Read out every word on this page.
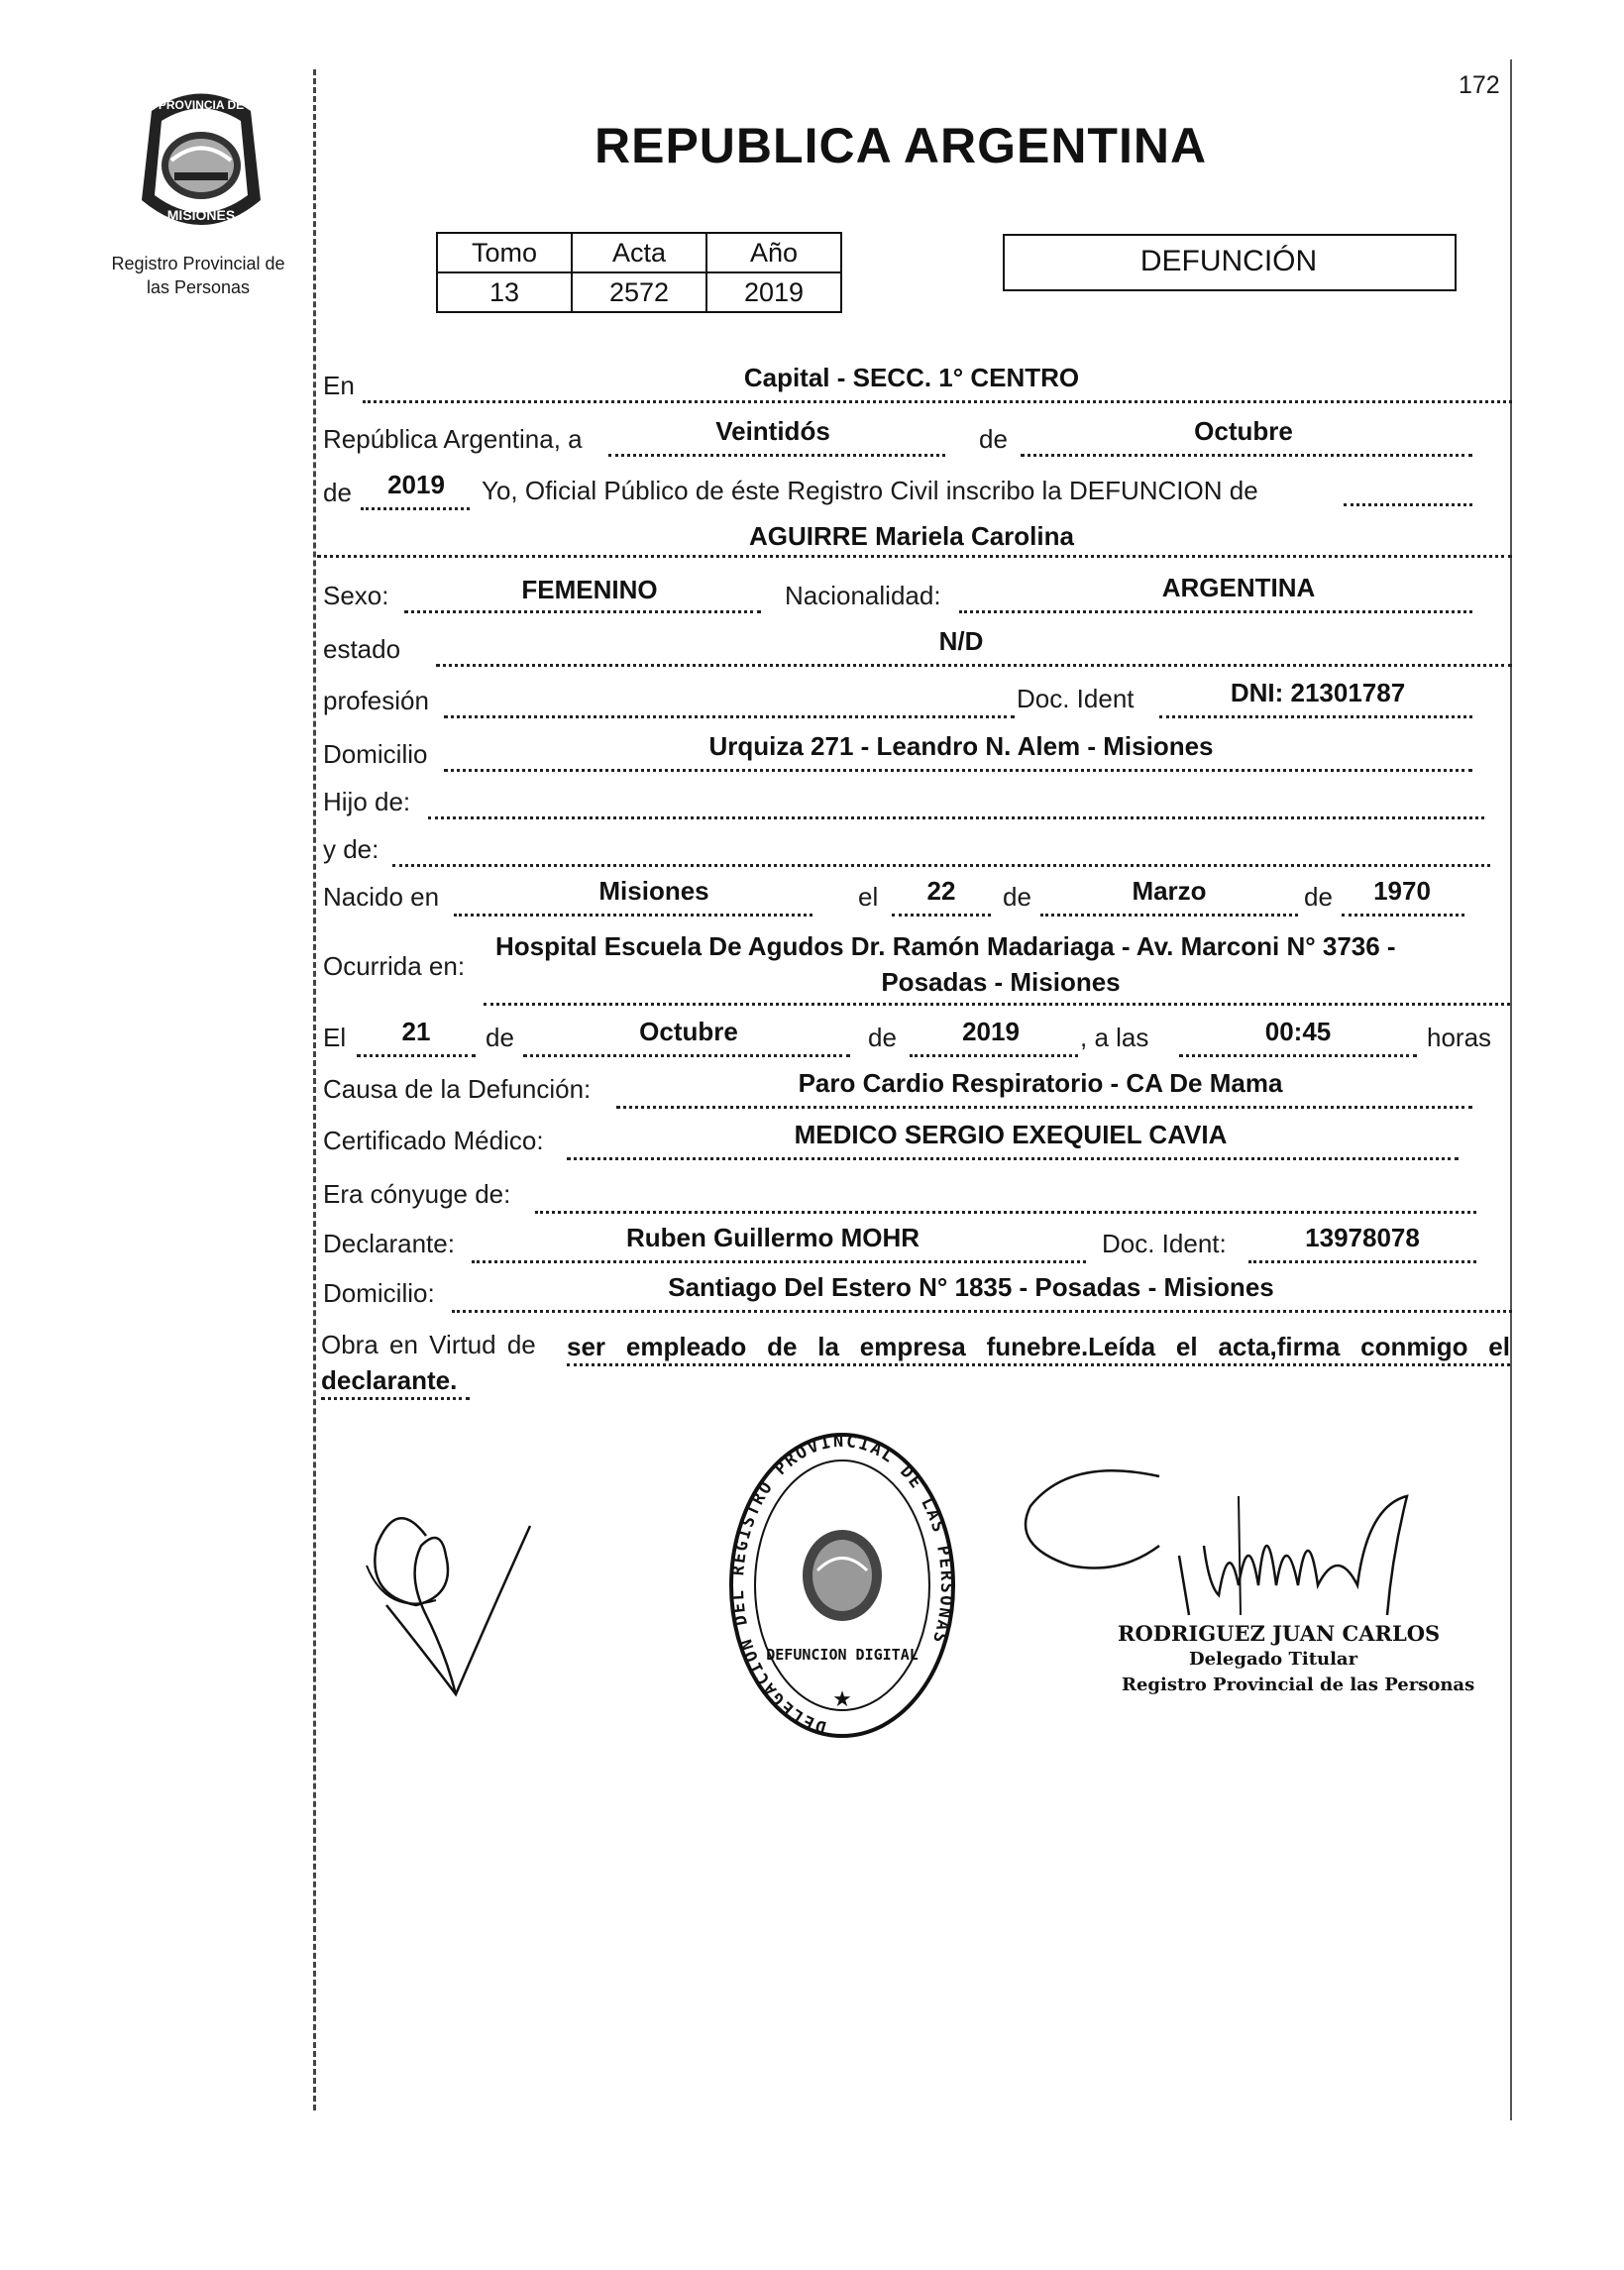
172
PROVINCIA DE
MISIONES
Registro Provincial de
las Personas
REPUBLICA ARGENTINA
Tomo	Acta	Año
13	2572	2019
DEFUNCIÓN
En	Capital - SECC. 1° CENTRO
República Argentina, a	Veintidós	de	Octubre
de	2019	Yo, Oficial Público de éste Registro Civil inscribo la DEFUNCION de
AGUIRRE Mariela Carolina
Sexo:	FEMENINO	Nacionalidad:	ARGENTINA
estado	N/D
profesión	Doc. Ident	DNI: 21301787
Domicilio	Urquiza 271 - Leandro N. Alem - Misiones
Hijo de:
y de:
Nacido en	Misiones	el	22	de	Marzo	de	1970
Ocurrida en:
Hospital Escuela De Agudos Dr. Ramón Madariaga - Av. Marconi N° 3736 -
Posadas - Misiones
El	21	de	Octubre	de	2019	, a las	00:45	horas
Causa de la Defunción:	Paro Cardio Respiratorio - CA De Mama
Certificado Médico:	MEDICO SERGIO EXEQUIEL CAVIA
Era cónyuge de:
Declarante:	Ruben Guillermo MOHR	Doc. Ident:	13978078
Domicilio:	Santiago Del Estero N° 1835 - Posadas - Misiones
Obra en Virtud de ser empleado de la empresa funebre.Leída el acta,firma conmigo el
declarante.
DELEGACION DEL REGISTRO PROVINCIAL DE LAS PERSONAS
DEFUNCION DIGITAL
★
RODRIGUEZ JUAN CARLOS
Delegado Titular
Registro Provincial de las Personas
